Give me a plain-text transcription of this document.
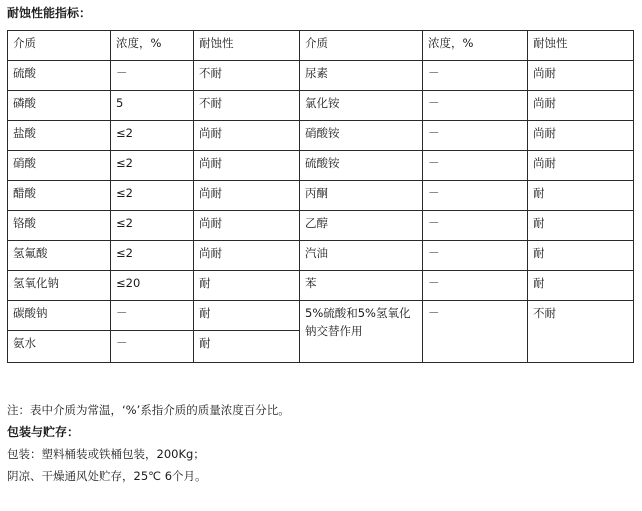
耐蚀性能指标：
介质	浓度，%	耐蚀性	介质	浓度，%	耐蚀性
硫酸	－	不耐	尿素	－	尚耐
磷酸	5	不耐	氯化铵	－	尚耐
盐酸	≤2	尚耐	硝酸铵	－	尚耐
硝酸	≤2	尚耐	硫酸铵	－	尚耐
醋酸	≤2	尚耐	丙酮	－	耐
铬酸	≤2	尚耐	乙醇	－	耐
氢氟酸	≤2	尚耐	汽油	－	耐
氢氧化钠	≤20	耐	苯	－	耐
碳酸钠	－	耐	5%硫酸和5%氢氧化钠交替作用	－	不耐
氨水	－	耐			
注：表中介质为常温，‘%’系指介质的质量浓度百分比。
包装与贮存：
包装：塑料桶装或铁桶包装，200Kg；
阴凉、干燥通风处贮存，25℃ 6个月。
